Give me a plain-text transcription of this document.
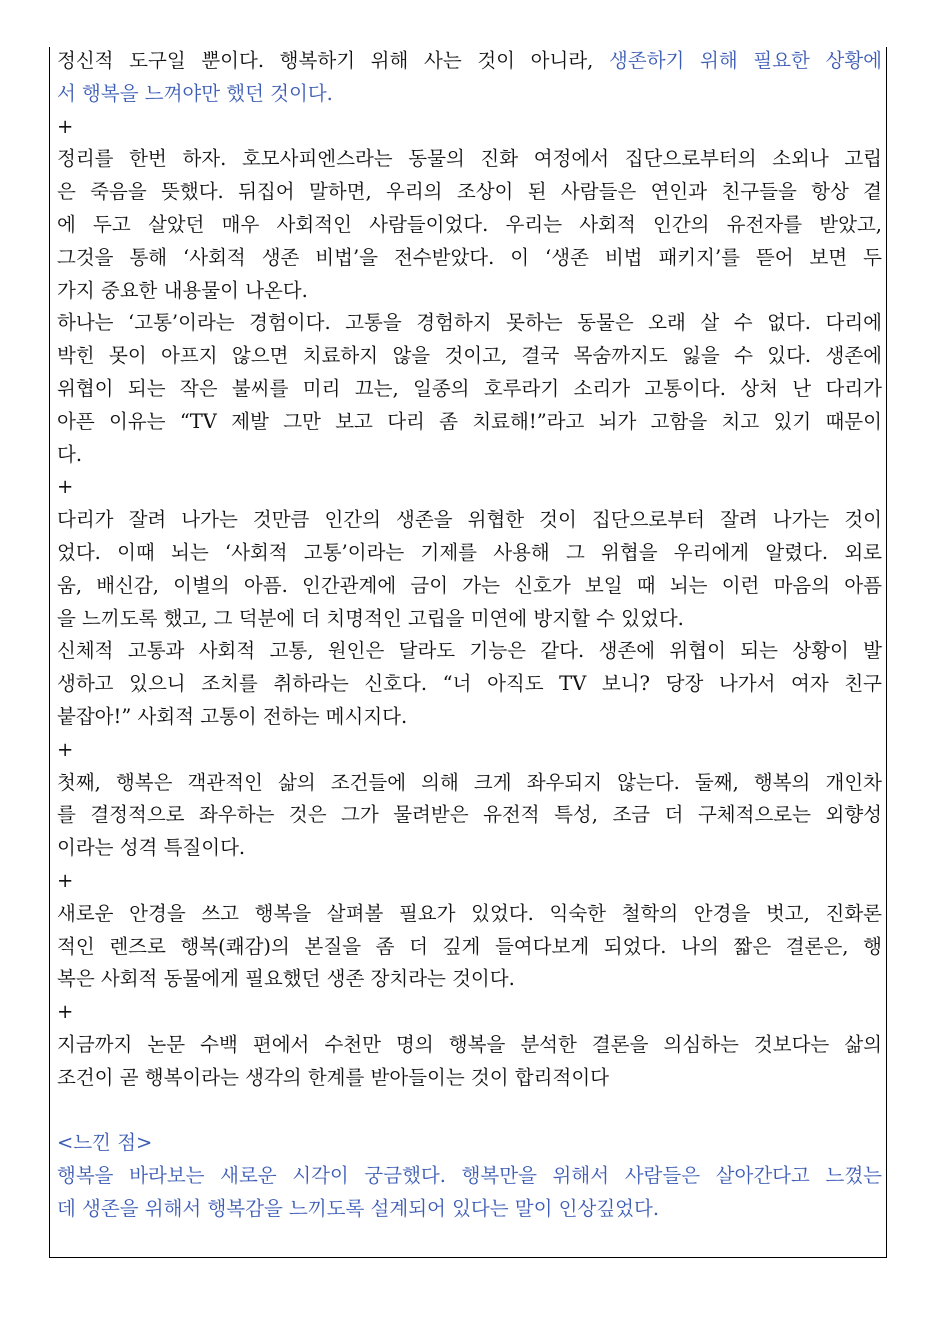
정신적 도구일 뿐이다. 행복하기 위해 사는 것이 아니라, 생존하기 위해 필요한 상황에
서 행복을 느껴야만 했던 것이다.
+
정리를 한번 하자. 호모사피엔스라는 동물의 진화 여정에서 집단으로부터의 소외나 고립
은 죽음을 뜻했다. 뒤집어 말하면, 우리의 조상이 된 사람들은 연인과 친구들을 항상 곁
에 두고 살았던 매우 사회적인 사람들이었다. 우리는 사회적 인간의 유전자를 받았고,
그것을 통해 ‘사회적 생존 비법’을 전수받았다. 이 ‘생존 비법 패키지’를 뜯어 보면 두
가지 중요한 내용물이 나온다.
하나는 ‘고통’이라는 경험이다. 고통을 경험하지 못하는 동물은 오래 살 수 없다. 다리에
박힌 못이 아프지 않으면 치료하지 않을 것이고, 결국 목숨까지도 잃을 수 있다. 생존에
위협이 되는 작은 불씨를 미리 끄는, 일종의 호루라기 소리가 고통이다. 상처 난 다리가
아픈 이유는 “TV 제발 그만 보고 다리 좀 치료해!”라고 뇌가 고함을 치고 있기 때문이
다.
+
다리가 잘려 나가는 것만큼 인간의 생존을 위협한 것이 집단으로부터 잘려 나가는 것이
었다. 이때 뇌는 ‘사회적 고통’이라는 기제를 사용해 그 위협을 우리에게 알렸다. 외로
움, 배신감, 이별의 아픔. 인간관계에 금이 가는 신호가 보일 때 뇌는 이런 마음의 아픔
을 느끼도록 했고, 그 덕분에 더 치명적인 고립을 미연에 방지할 수 있었다.
신체적 고통과 사회적 고통, 원인은 달라도 기능은 같다. 생존에 위협이 되는 상황이 발
생하고 있으니 조치를 취하라는 신호다. “너 아직도 TV 보니? 당장 나가서 여자 친구
붙잡아!” 사회적 고통이 전하는 메시지다.
+
첫째, 행복은 객관적인 삶의 조건들에 의해 크게 좌우되지 않는다. 둘째, 행복의 개인차
를 결정적으로 좌우하는 것은 그가 물려받은 유전적 특성, 조금 더 구체적으로는 외향성
이라는 성격 특질이다.
+
새로운 안경을 쓰고 행복을 살펴볼 필요가 있었다. 익숙한 철학의 안경을 벗고, 진화론
적인 렌즈로 행복(쾌감)의 본질을 좀 더 깊게 들여다보게 되었다. 나의 짧은 결론은, 행
복은 사회적 동물에게 필요했던 생존 장치라는 것이다.
+
지금까지 논문 수백 편에서 수천만 명의 행복을 분석한 결론을 의심하는 것보다는 삶의
조건이 곧 행복이라는 생각의 한계를 받아들이는 것이 합리적이다
<느낀 점>
행복을 바라보는 새로운 시각이 궁금했다. 행복만을 위해서 사람들은 살아간다고 느꼈는
데 생존을 위해서 행복감을 느끼도록 설계되어 있다는 말이 인상깊었다.
